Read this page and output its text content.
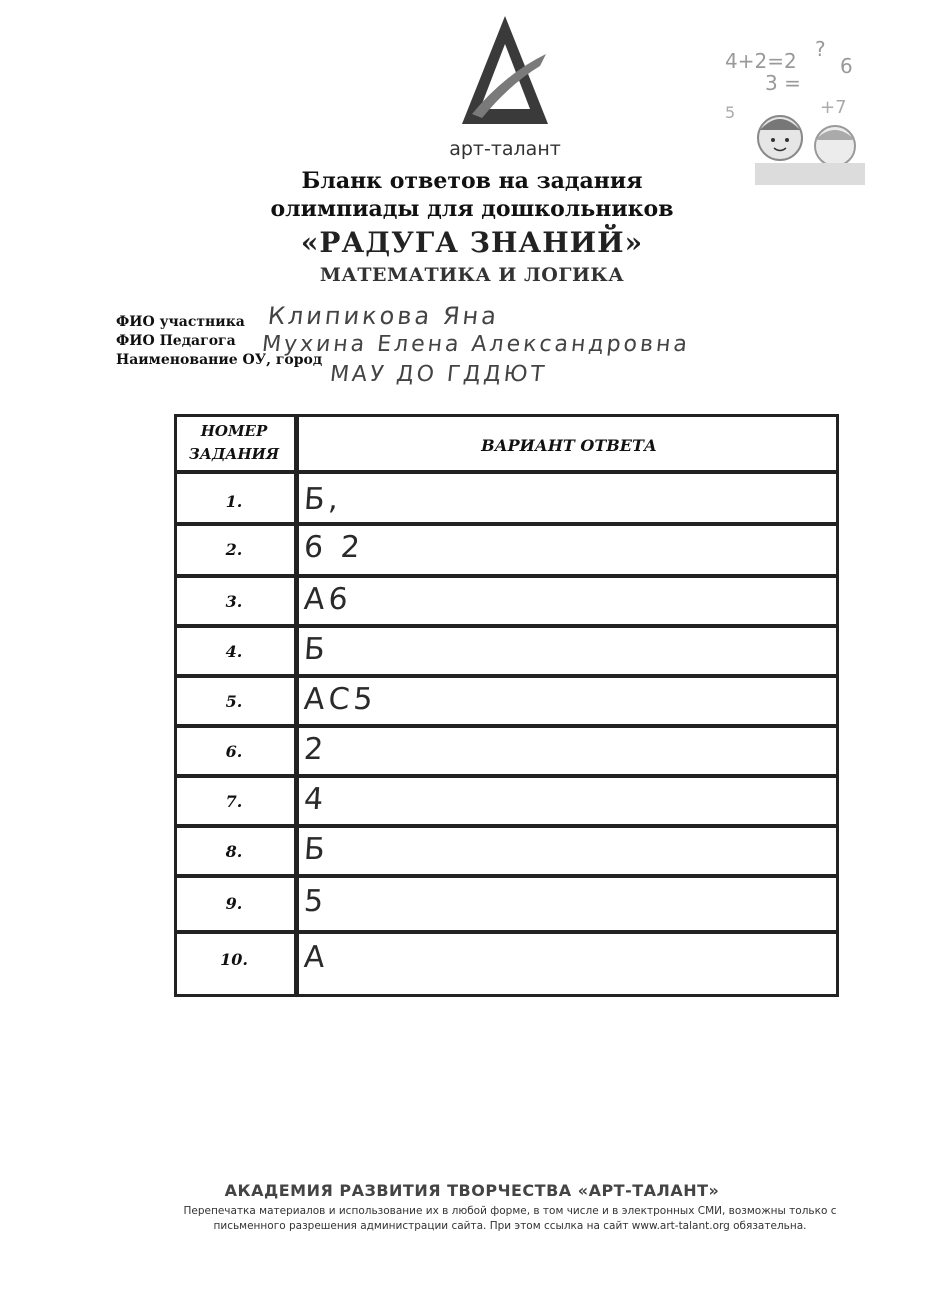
арт-талант
4+2=2 ?
6
3 =
5	+7
Бланк ответов на задания
олимпиады для дошкольников
«РАДУГА ЗНАНИЙ»
МАТЕМАТИКА И ЛОГИКА
ФИО участника Клипикова Яна
ФИО Педагога Мухина Елена Александровна
Наименование ОУ, город
МАУ ДО ГДДЮТ
НОМЕР
ЗАДАНИЯ	ВАРИАНТ ОТВЕТА
1.	Б,
2.	6 2
3.	А6
4.	Б
5.	АС5
6.	2
7.	4
8.	Б
9.	5
10.	А
АКАДЕМИЯ РАЗВИТИЯ ТВОРЧЕСТВА «АРТ-ТАЛАНТ»
Перепечатка материалов и использование их в любой форме, в том числе и в электронных СМИ, возможны только с
письменного разрешения администрации сайта. При этом ссылка на сайт www.art-talant.org обязательна.
